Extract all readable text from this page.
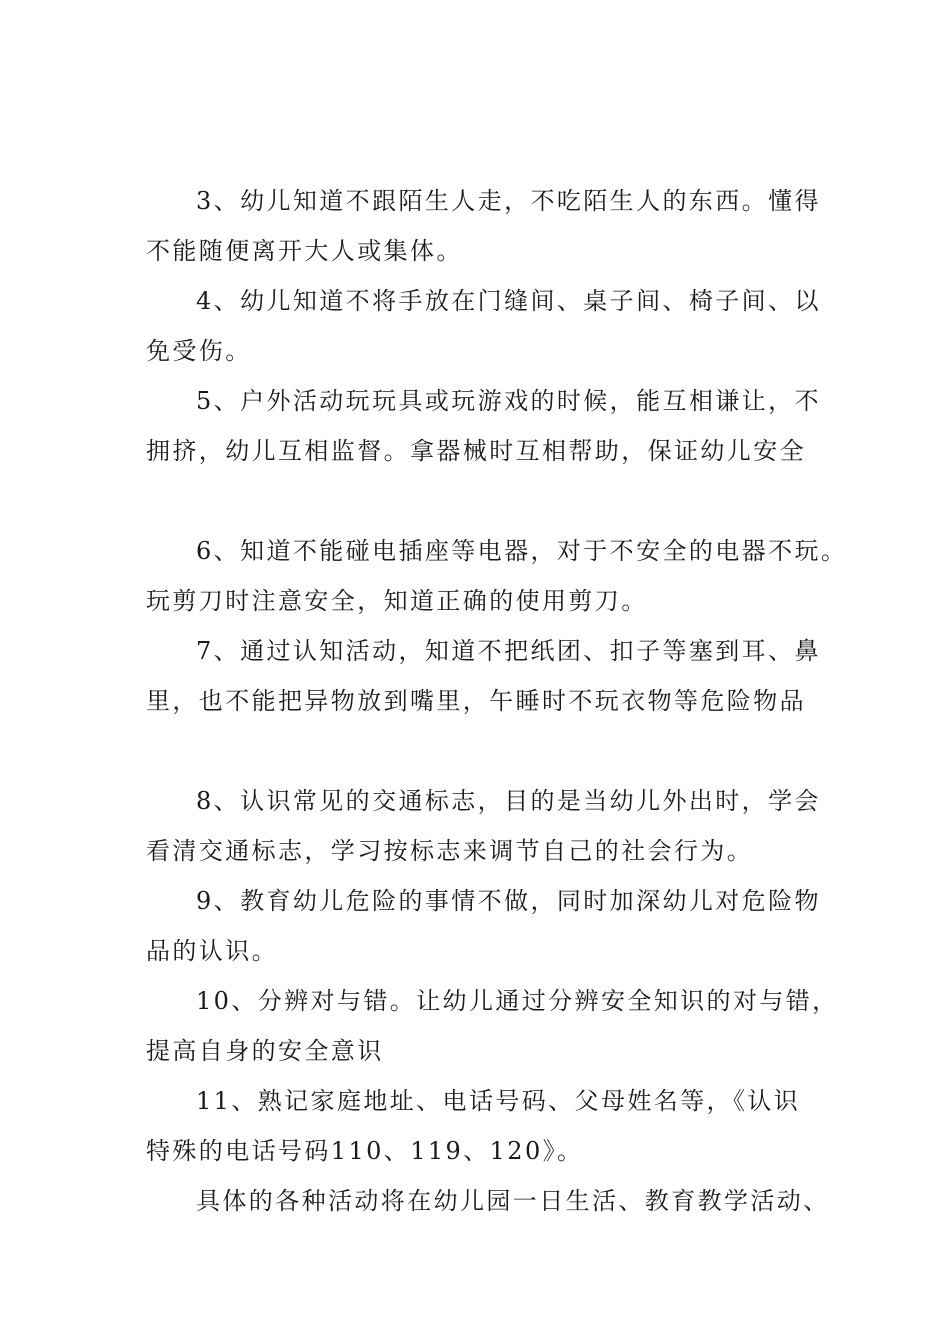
3、幼儿知道不跟陌生人走，不吃陌生人的东西。懂得
不能随便离开大人或集体。

4、幼儿知道不将手放在门缝间、桌子间、椅子间、以
免受伤。

5、户外活动玩玩具或玩游戏的时候，能互相谦让，不
拥挤，幼儿互相监督。拿器械时互相帮助，保证幼儿安全

6、知道不能碰电插座等电器，对于不安全的电器不玩。
玩剪刀时注意安全，知道正确的使用剪刀。

7、通过认知活动，知道不把纸团、扣子等塞到耳、鼻
里，也不能把异物放到嘴里，午睡时不玩衣物等危险物品

8、认识常见的交通标志，目的是当幼儿外出时，学会
看清交通标志，学习按标志来调节自己的社会行为。

9、教育幼儿危险的事情不做，同时加深幼儿对危险物
品的认识。

10、分辨对与错。让幼儿通过分辨安全知识的对与错，
提高自身的安全意识

11、熟记家庭地址、电话号码、父母姓名等，《认识
特殊的电话号码110、119、120》。

具体的各种活动将在幼儿园一日生活、教育教学活动、
